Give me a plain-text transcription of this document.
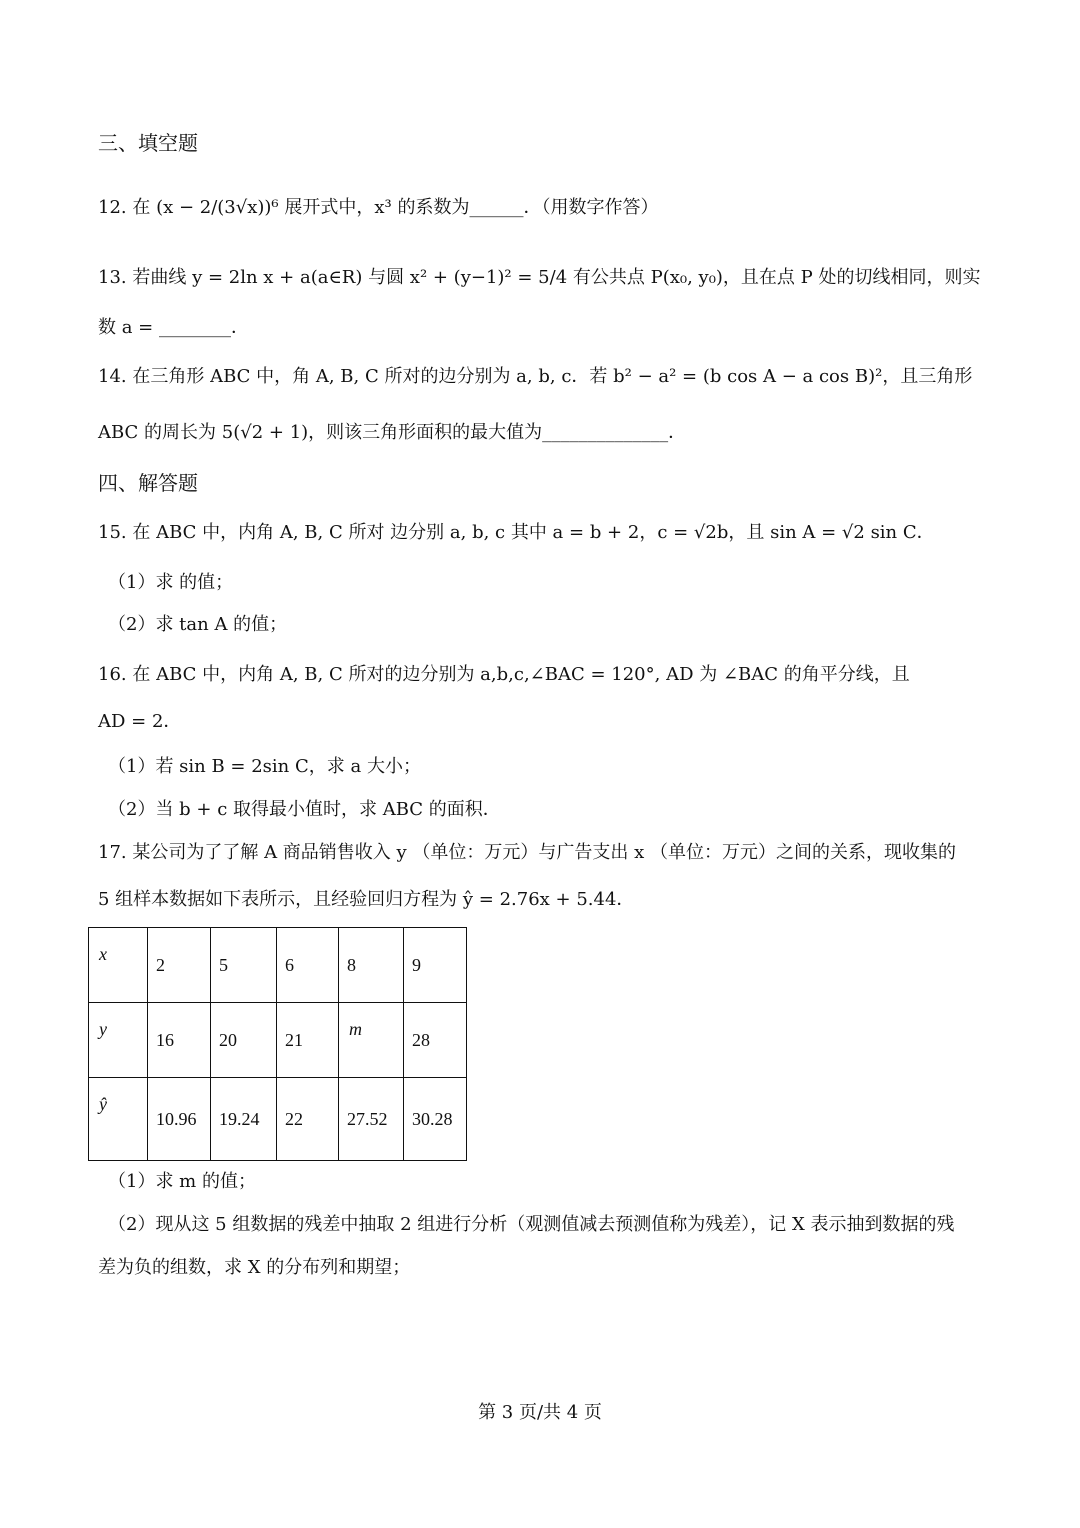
三、填空题
12. 在 (x − 2/(3√x))⁶ 展开式中，x³ 的系数为______．（用数字作答）
13. 若曲线 y = 2ln x + a(a∈R) 与圆 x² + (y−1)² = 5/4 有公共点 P(x₀, y₀)，且在点 P 处的切线相同，则实
数 a = ________．
14. 在三角形 ABC 中，角 A, B, C 所对的边分别为 a, b, c．若 b² − a² = (b cos A − a cos B)²，且三角形
ABC 的周长为 5(√2 + 1)，则该三角形面积的最大值为______________．
四、解答题
15. 在 ABC 中，内角 A, B, C 所对 边分别 a, b, c 其中 a = b + 2，c = √2b，且 sin A = √2 sin C．
（1）求 的值；
（2）求 tan A 的值；
16. 在 ABC 中，内角 A, B, C 所对的边分别为 a,b,c,∠BAC = 120°, AD 为 ∠BAC 的角平分线，且
AD = 2．
（1）若 sin B = 2sin C，求 a 大小；
（2）当 b + c 取得最小值时，求 ABC 的面积．
17. 某公司为了了解 A 商品销售收入 y （单位：万元）与广告支出 x （单位：万元）之间的关系，现收集的
5 组样本数据如下表所示，且经验回归方程为 ŷ = 2.76x + 5.44．
x	2	5	6	8	9
y	16	20	21	m	28
ŷ	10.96	19.24	22	27.52	30.28
（1）求 m 的值；
（2）现从这 5 组数据的残差中抽取 2 组进行分析（观测值减去预测值称为残差），记 X 表示抽到数据的残
差为负的组数，求 X 的分布列和期望；
第 3 页/共 4 页
